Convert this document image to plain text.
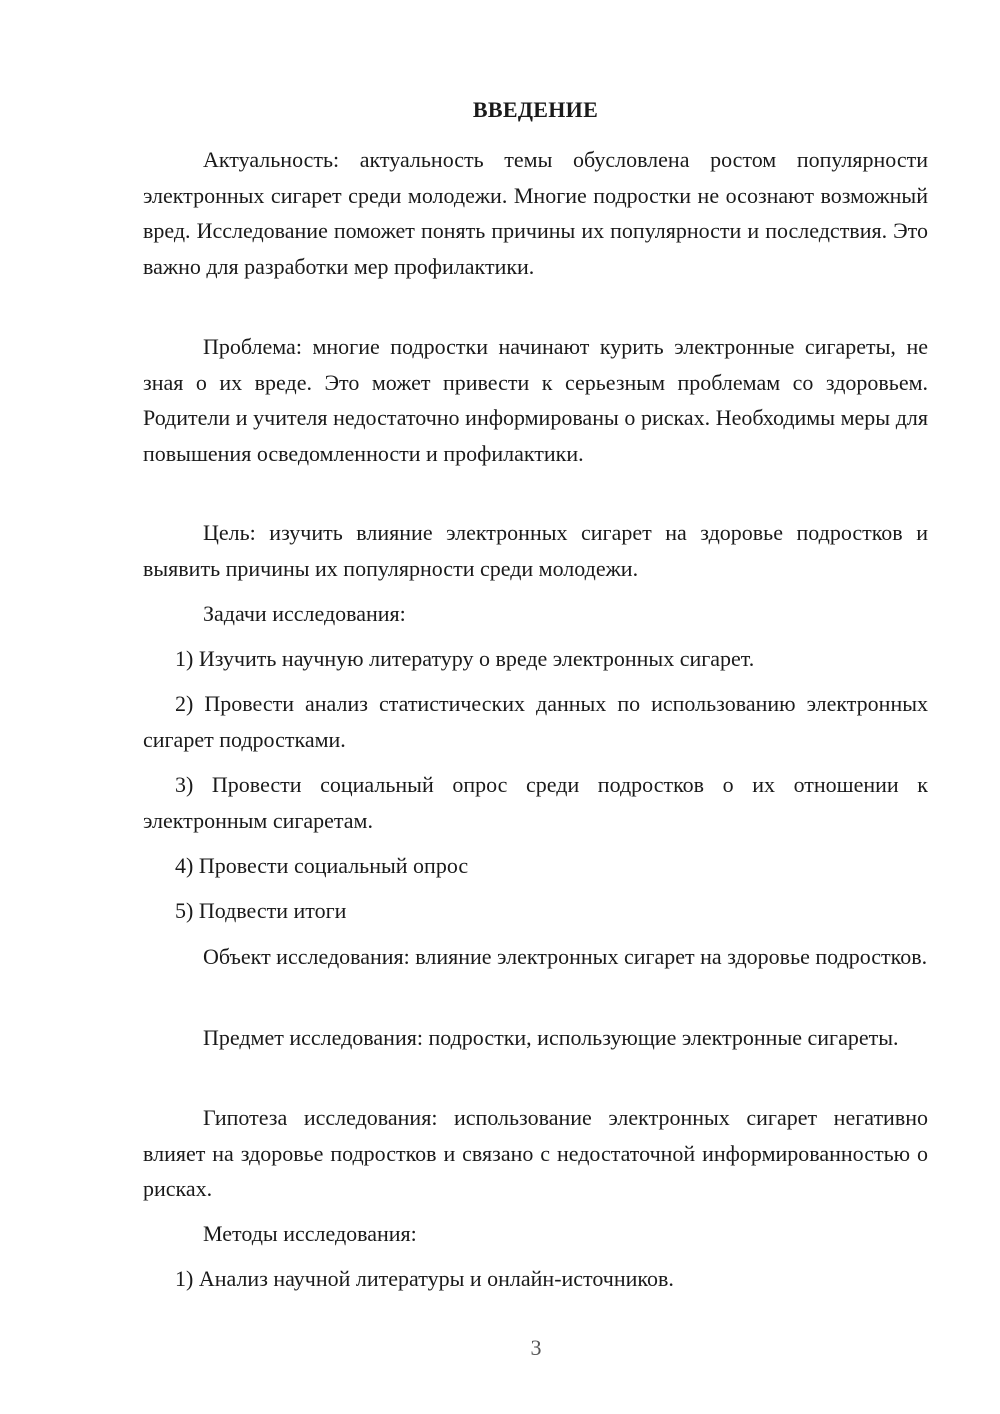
ВВЕДЕНИЕ

Актуальность: актуальность темы обусловлена ростом популярности электронных сигарет среди молодежи. Многие подростки не осознают возможный вред. Исследование поможет понять причины их популярности и последствия. Это важно для разработки мер профилактики.

Проблема: многие подростки начинают курить электронные сигареты, не зная о их вреде. Это может привести к серьезным проблемам со здоровьем. Родители и учителя недостаточно информированы о рисках. Необходимы меры для повышения осведомленности и профилактики.

Цель: изучить влияние электронных сигарет на здоровье подростков и выявить причины их популярности среди молодежи.

Задачи исследования:

1) Изучить научную литературу о вреде электронных сигарет.

2) Провести анализ статистических данных по использованию электронных сигарет подростками.

3) Провести социальный опрос среди подростков о их отношении к электронным сигаретам.

4) Провести социальный опрос

5) Подвести итоги

Объект исследования: влияние электронных сигарет на здоровье подростков.

Предмет исследования: подростки, использующие электронные сигареты.

Гипотеза исследования: использование электронных сигарет негативно влияет на здоровье подростков и связано с недостаточной информированностью о рисках.

Методы исследования:

1) Анализ научной литературы и онлайн-источников.

3
